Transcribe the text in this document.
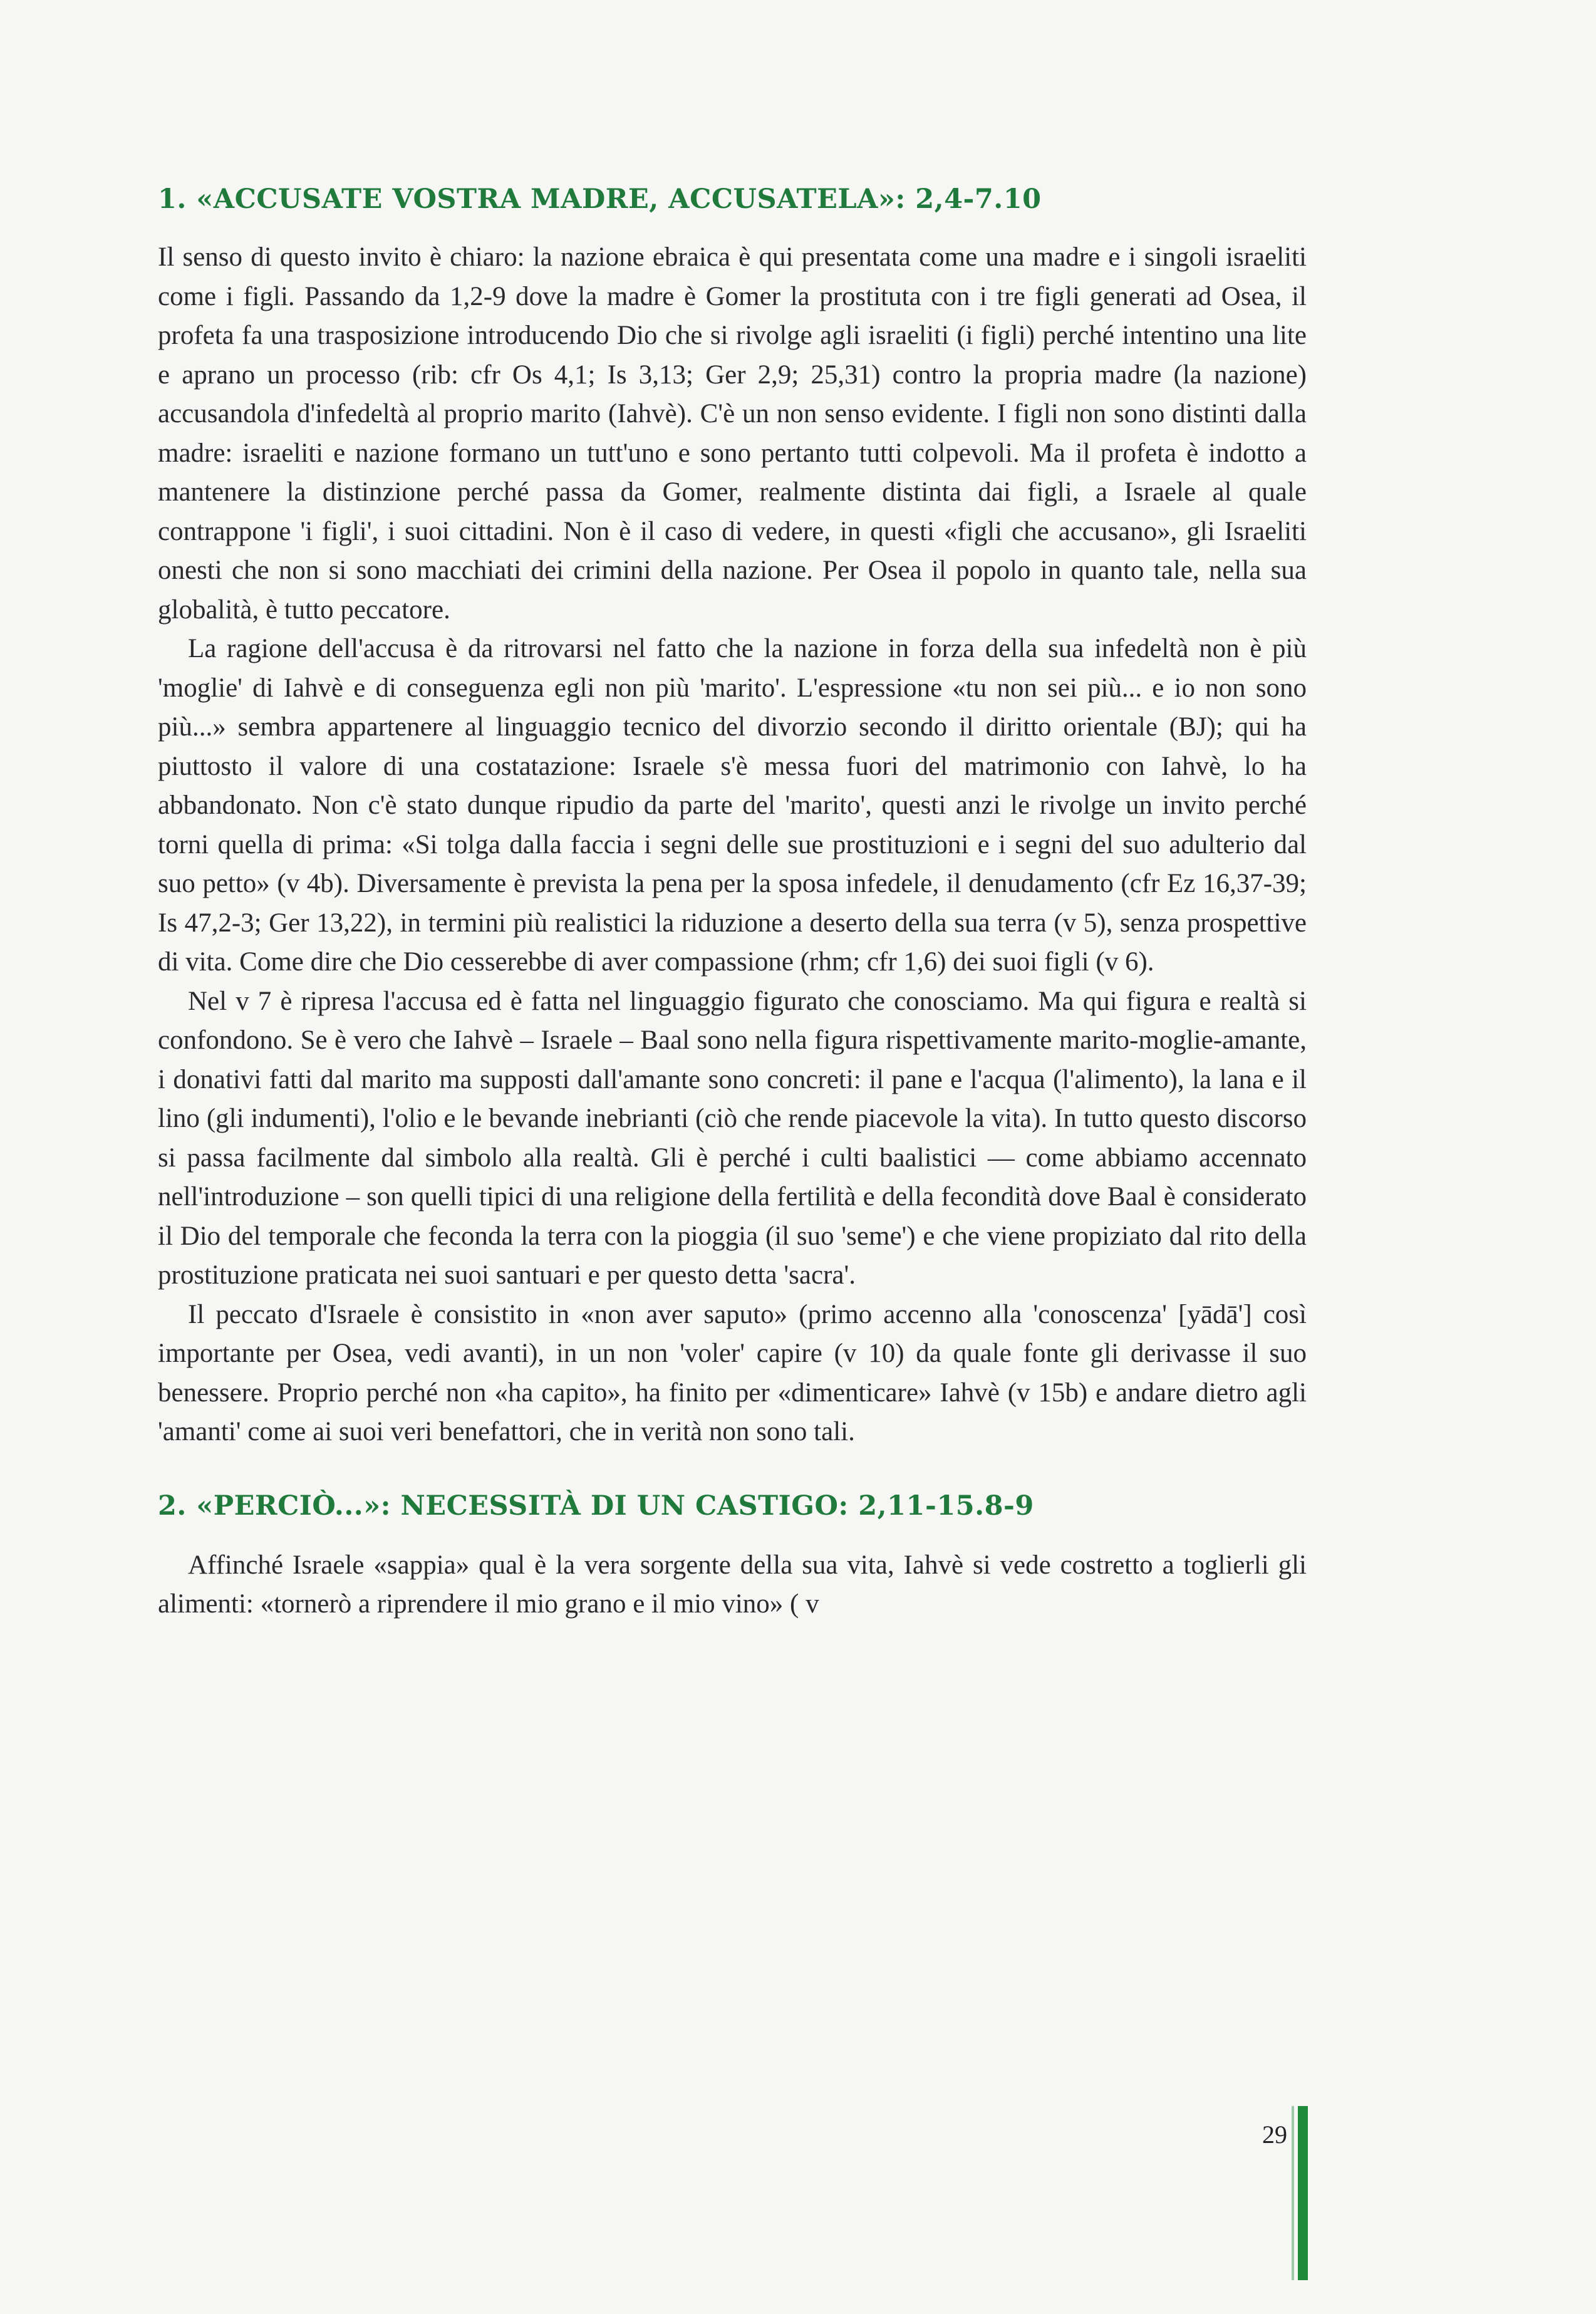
1. «ACCUSATE VOSTRA MADRE, ACCUSATELA»: 2,4-7.10

Il senso di questo invito è chiaro: la nazione ebraica è qui presentata come una madre e i singoli israeliti come i figli. Passando da 1,2-9 dove la madre è Gomer la prostituta con i tre figli generati ad Osea, il profeta fa una trasposizione introducendo Dio che si rivolge agli israeliti (i figli) perché intentino una lite e aprano un processo (rib: cfr Os 4,1; Is 3,13; Ger 2,9; 25,31) contro la propria madre (la nazione) accusandola d'infedeltà al proprio marito (Iahvè). C'è un non senso evidente. I figli non sono distinti dalla madre: israeliti e nazione formano un tutt'uno e sono pertanto tutti colpevoli. Ma il profeta è indotto a mantenere la distinzione perché passa da Gomer, realmente distinta dai figli, a Israele al quale contrappone 'i figli', i suoi cittadini. Non è il caso di vedere, in questi «figli che accusano», gli Israeliti onesti che non si sono macchiati dei crimini della nazione. Per Osea il popolo in quanto tale, nella sua globalità, è tutto peccatore.

La ragione dell'accusa è da ritrovarsi nel fatto che la nazione in forza della sua infedeltà non è più 'moglie' di Iahvè e di conseguenza egli non più 'marito'. L'espressione «tu non sei più... e io non sono più...» sembra appartenere al linguaggio tecnico del divorzio secondo il diritto orientale (BJ); qui ha piuttosto il valore di una costatazione: Israele s'è messa fuori del matrimonio con Iahvè, lo ha abbandonato. Non c'è stato dunque ripudio da parte del 'marito', questi anzi le rivolge un invito perché torni quella di prima: «Si tolga dalla faccia i segni delle sue prostituzioni e i segni del suo adulterio dal suo petto» (v 4b). Diversamente è prevista la pena per la sposa infedele, il denudamento (cfr Ez 16,37-39; Is 47,2-3; Ger 13,22), in termini più realistici la riduzione a deserto della sua terra (v 5), senza prospettive di vita. Come dire che Dio cesserebbe di aver compassione (rhm; cfr 1,6) dei suoi figli (v 6).

Nel v 7 è ripresa l'accusa ed è fatta nel linguaggio figurato che conosciamo. Ma qui figura e realtà si confondono. Se è vero che Iahvè – Israele – Baal sono nella figura rispettivamente marito-moglie-amante, i donativi fatti dal marito ma supposti dall'amante sono concreti: il pane e l'acqua (l'alimento), la lana e il lino (gli indumenti), l'olio e le bevande inebrianti (ciò che rende piacevole la vita). In tutto questo discorso si passa facilmente dal simbolo alla realtà. Gli è perché i culti baalistici — come abbiamo accennato nell'introduzione – son quelli tipici di una religione della fertilità e della fecondità dove Baal è considerato il Dio del temporale che feconda la terra con la pioggia (il suo 'seme') e che viene propiziato dal rito della prostituzione praticata nei suoi santuari e per questo detta 'sacra'.

Il peccato d'Israele è consistito in «non aver saputo» (primo accenno alla 'conoscenza' [yādā'] così importante per Osea, vedi avanti), in un non 'voler' capire (v 10) da quale fonte gli derivasse il suo benessere. Proprio perché non «ha capito», ha finito per «dimenticare» Iahvè (v 15b) e andare dietro agli 'amanti' come ai suoi veri benefattori, che in verità non sono tali.

2. «PERCIÒ...»: NECESSITÀ DI UN CASTIGO: 2,11-15.8-9

Affinché Israele «sappia» qual è la vera sorgente della sua vita, Iahvè si vede costretto a toglierli gli alimenti: «tornerò a riprendere il mio grano e il mio vino» ( v

29
